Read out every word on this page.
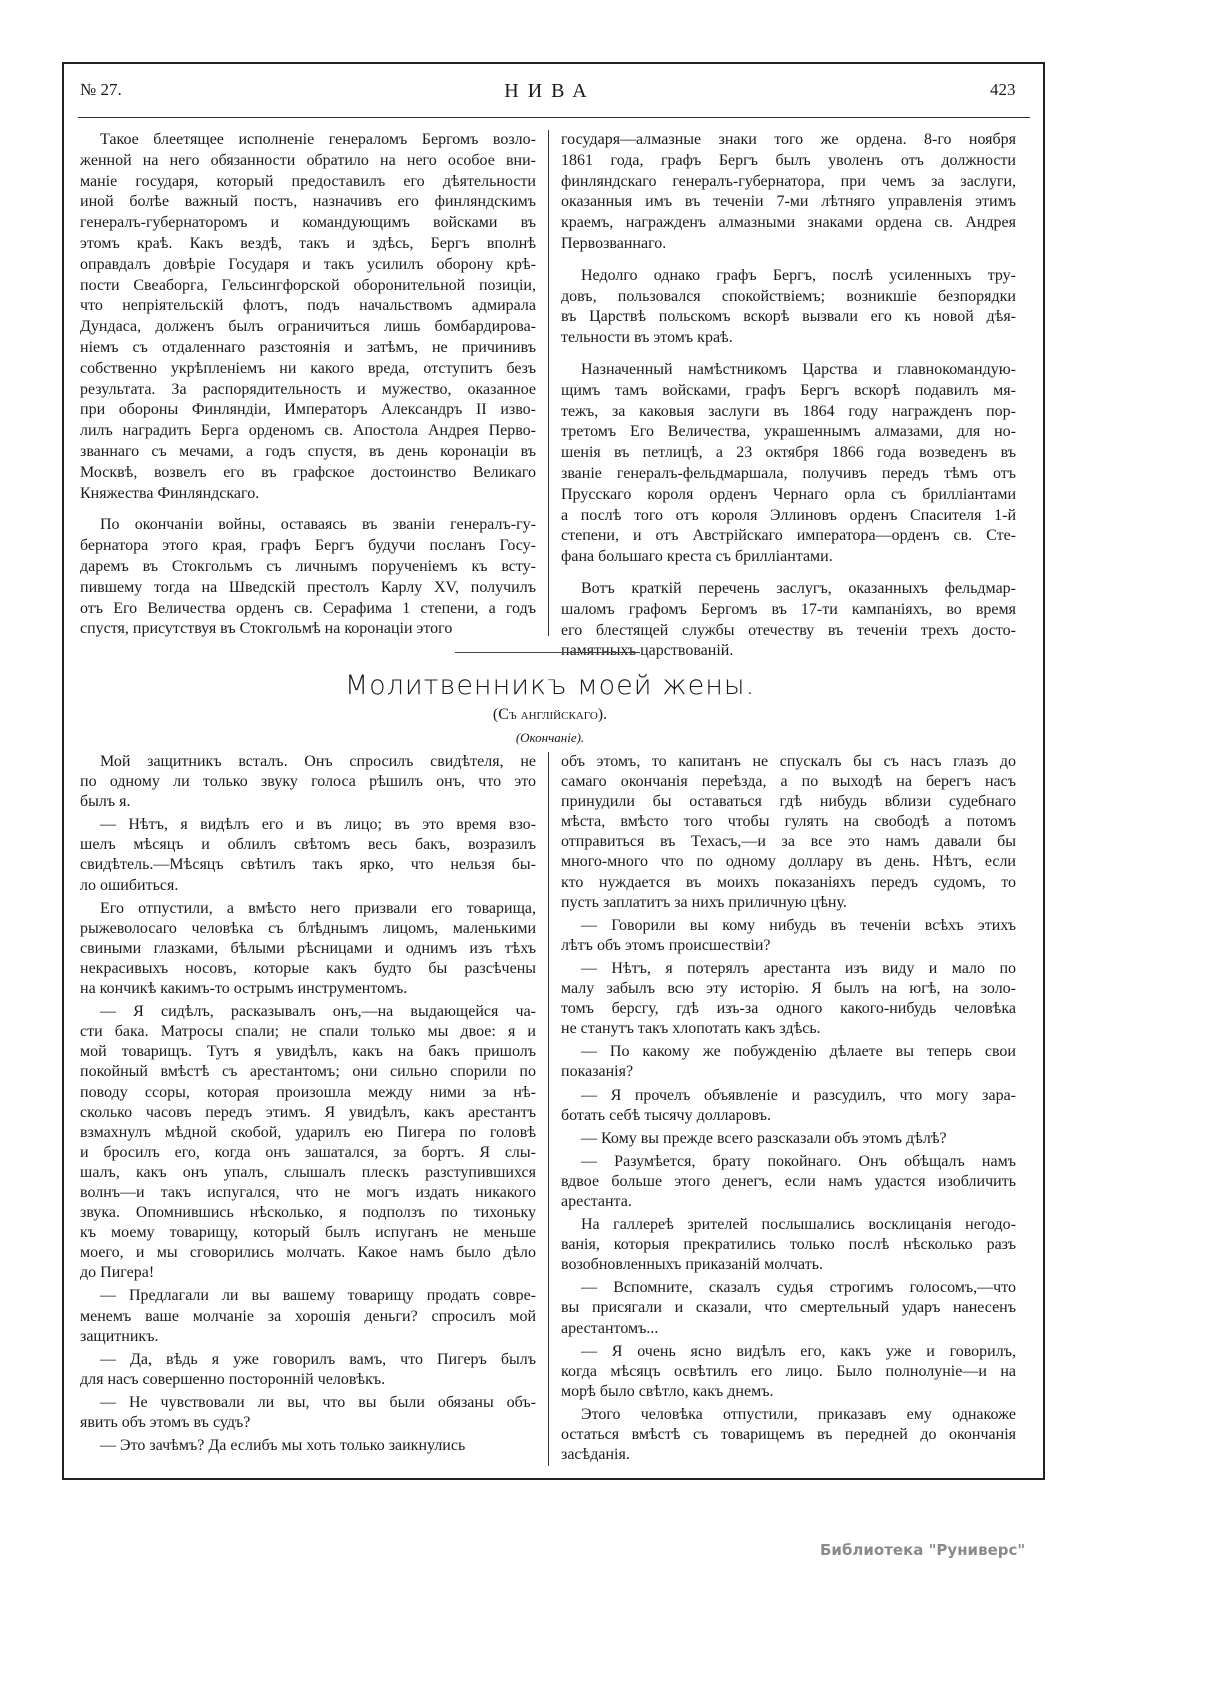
№ 27.	НИВА	423
Такое блеетящее исполненіе генераломъ Бергомъ возло-
женной на него обязанности обратило на него особое вни-
маніе государя, который предоставилъ его дѣятельности
иной болѣе важный постъ, назначивъ его финляндскимъ
генералъ-губернаторомъ и командующимъ войсками въ
этомъ краѣ. Какъ вездѣ, такъ и здѣсь, Бергъ вполнѣ
оправдалъ довѣріе Государя и такъ усилилъ оборону крѣ-
пости Свеаборга, Гельсингфорской оборонительной позиціи,
что непріятельскій флотъ, подъ начальствомъ адмирала
Дундаса, долженъ былъ ограничиться лишь бомбардирова-
ніемъ съ отдаленнаго разстоянія и затѣмъ, не причинивъ
собственно укрѣпленіемъ ни какого вреда, отступитъ безъ
результата. За распорядительность и мужество, оказанное
при обороны Финляндіи, Императоръ Александръ II изво-
лилъ наградить Берга орденомъ св. Апостола Андрея Перво-
званнаго съ мечами, а годъ спустя, въ день коронаціи въ
Москвѣ, возвелъ его въ графское достоинство Великаго
Княжества Финляндскаго.
По окончаніи войны, оставаясь въ званіи генералъ-гу-
бернатора этого края, графъ Бергъ будучи посланъ Госу-
даремъ въ Стокгольмъ съ личнымъ порученіемъ къ всту-
пившему тогда на Шведскій престолъ Карлу XV, получилъ
отъ Его Величества орденъ св. Серафима 1 степени, а годъ
спустя, присутствуя въ Стокгольмѣ на коронаціи этого
государя—алмазные знаки того же ордена. 8-го ноября
1861 года, графъ Бергъ былъ уволенъ отъ должности
финляндскаго генералъ-губернатора, при чемъ за заслуги,
оказанныя имъ въ теченіи 7-ми лѣтняго управленія этимъ
краемъ, награжденъ алмазными знаками ордена св. Андрея
Первозваннаго.
Недолго однако графъ Бергъ, послѣ усиленныхъ тру-
довъ, пользовался спокойствіемъ; возникшіе безпорядки
въ Царствѣ польскомъ вскорѣ вызвали его къ новой дѣя-
тельности въ этомъ краѣ.
Назначенный намѣстникомъ Царства и главнокомандую-
щимъ тамъ войсками, графъ Бергъ вскорѣ подавилъ мя-
тежъ, за каковыя заслуги въ 1864 году награжденъ пор-
третомъ Его Величества, украшеннымъ алмазами, для но-
шенія въ петлицѣ, а 23 октября 1866 года возведенъ въ
званіе генералъ-фельдмаршала, получивъ передъ тѣмъ отъ
Прусскаго короля орденъ Чернаго орла съ брилліантами
а послѣ того отъ короля Эллиновъ орденъ Спасителя 1-й
степени, и отъ Австрійскаго императора—орденъ св. Сте-
фана большаго креста съ брилліантами.
Вотъ краткій перечень заслугъ, оказанныхъ фельдмар-
шаломъ графомъ Бергомъ въ 17-ти кампаніяхъ, во время
его блестящей службы отечеству въ теченіи трехъ досто-
памятныхъ царствованій.
Молитвенникъ моей жены.
(Съ англійскаго).
(Окончаніе).
Мой защитникъ всталъ. Онъ спросилъ свидѣтеля, не
по одному ли только звуку голоса рѣшилъ онъ, что это
былъ я.
— Нѣтъ, я видѣлъ его и въ лицо; въ это время взо-
шелъ мѣсяцъ и облилъ свѣтомъ весь бакъ, возразилъ
свидѣтель.—Мѣсяцъ свѣтилъ такъ ярко, что нельзя бы-
ло ошибиться.
Его отпустили, а вмѣсто него призвали его товарища,
рыжеволосаго человѣка съ блѣднымъ лицомъ, маленькими
свиными глазками, бѣлыми рѣсницами и однимъ изъ тѣхъ
некрасивыхъ носовъ, которые какъ будто бы разсѣчены
на кончикѣ какимъ-то острымъ инструментомъ.
— Я сидѣлъ, расказывалъ онъ,—на выдающейся ча-
сти бака. Матросы спали; не спали только мы двое: я и
мой товарищъ. Тутъ я увидѣлъ, какъ на бакъ пришолъ
покойный вмѣстѣ съ арестантомъ; они сильно спорили по
поводу ссоры, которая произошла между ними за нѣ-
сколько часовъ передъ этимъ. Я увидѣлъ, какъ арестантъ
взмахнулъ мѣдной скобой, ударилъ ею Пигера по головѣ
и бросилъ его, когда онъ зашатался, за бортъ. Я слы-
шалъ, какъ онъ упалъ, слышалъ плескъ разступившихся
волнъ—и такъ испугался, что не могъ издать никакого
звука. Опомнившись нѣсколько, я подползъ по тихоньку
къ моему товарищу, который былъ испуганъ не меньше
моего, и мы сговорились молчать. Какое намъ было дѣло
до Пигера!
— Предлагали ли вы вашему товарищу продать совре-
менемъ ваше молчаніе за хорошія деньги? спросилъ мой
защитникъ.
— Да, вѣдь я уже говорилъ вамъ, что Пигеръ былъ
для насъ совершенно посторонній человѣкъ.
— Не чувствовали ли вы, что вы были обязаны объ-
явить объ этомъ въ судъ?
— Это зачѣмъ? Да еслибъ мы хоть только заикнулись
объ этомъ, то капитанъ не спускалъ бы съ насъ глазъ до
самаго окончанія переѣзда, а по выходѣ на берегъ насъ
принудили бы оставаться гдѣ нибудь вблизи судебнаго
мѣста, вмѣсто того чтобы гулять на свободѣ а потомъ
отправиться въ Техасъ,—и за все это намъ давали бы
много-много что по одному доллару въ день. Нѣтъ, если
кто нуждается въ моихъ показаніяхъ передъ судомъ, то
пусть заплатитъ за нихъ приличную цѣну.
— Говорили вы кому нибудь въ теченіи всѣхъ этихъ
лѣтъ объ этомъ происшествіи?
— Нѣтъ, я потерялъ арестанта изъ виду и мало по
малу забылъ всю эту исторію. Я былъ на югѣ, на золо-
томъ берсгу, гдѣ изъ-за одного какого-нибудь человѣка
не станутъ такъ хлопотать какъ здѣсь.
— По какому же побужденію дѣлаете вы теперь свои
показанія?
— Я прочелъ объявленіе и разсудилъ, что могу зара-
ботать себѣ тысячу долларовъ.
— Кому вы прежде всего разсказали объ этомъ дѣлѣ?
— Разумѣется, брату покойнаго. Онъ обѣщалъ намъ
вдвое больше этого денегъ, если намъ удастся изобличить
арестанта.
На галлереѣ зрителей послышались восклицанія негодо-
ванія, которыя прекратились только послѣ нѣсколько разъ
возобновленныхъ приказаній молчать.
— Вспомните, сказалъ судья строгимъ голосомъ,—что
вы присягали и сказали, что смертельный ударъ нанесенъ
арестантомъ...
— Я очень ясно видѣлъ его, какъ уже и говорилъ,
когда мѣсяцъ освѣтилъ его лицо. Было полнолуніе—и на
морѣ было свѣтло, какъ днемъ.
Этого человѣка отпустили, приказавъ ему однакоже
остаться вмѣстѣ съ товарищемъ въ передней до окончанія
засѣданія.
Библиотека "Руниверс"
